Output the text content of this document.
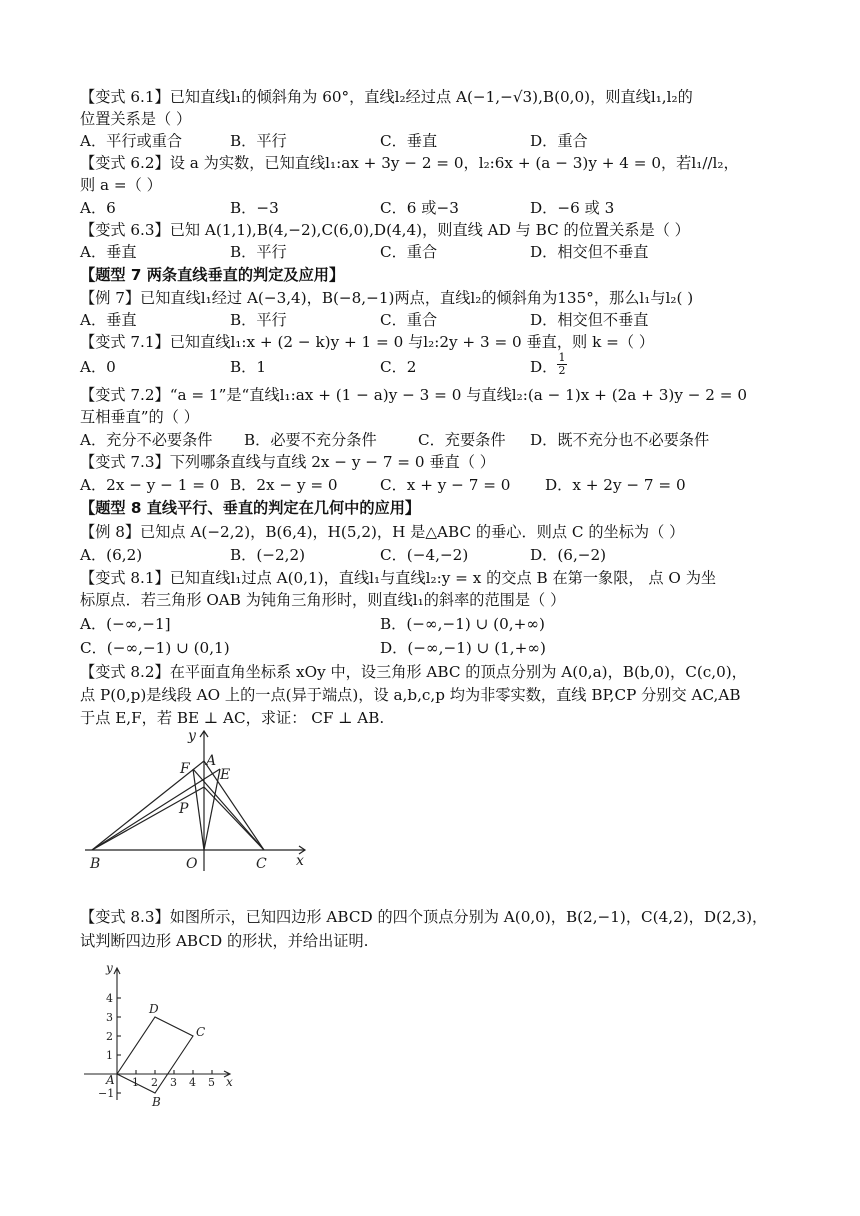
【变式 6.1】已知直线l₁的倾斜角为 60°，直线l₂经过点 A(−1,−√3),B(0,0)，则直线l₁,l₂的
位置关系是（ ）
A．平行或重合	B．平行	C．垂直	D．重合
【变式 6.2】设 a 为实数，已知直线l₁:ax + 3y − 2 = 0，l₂:6x + (a − 3)y + 4 = 0，若l₁//l₂，
则 a =（ ）
A．6	B．−3	C．6 或−3	D．−6 或 3
【变式 6.3】已知 A(1,1),B(4,−2),C(6,0),D(4,4)，则直线 AD 与 BC 的位置关系是（ ）
A．垂直	B．平行	C．重合	D．相交但不垂直
【题型 7 两条直线垂直的判定及应用】
【例 7】已知直线l₁经过 A(−3,4)，B(−8,−1)两点，直线l₂的倾斜角为135°，那么l₁与l₂( )
A．垂直	B．平行	C．重合	D．相交但不垂直
【变式 7.1】已知直线l₁:x + (2 − k)y + 1 = 0 与l₂:2y + 3 = 0 垂直，则 k =（ ）
A．0	B．1	C．2	D． $\frac{1}{2}$
【变式 7.2】“a = 1”是“直线l₁:ax + (1 − a)y − 3 = 0 与直线l₂:(a − 1)x + (2a + 3)y − 2 = 0
互相垂直”的（ ）
A．充分不必要条件 B．必要不充分条件	C．充要条件 D．既不充分也不必要条件
【变式 7.3】下列哪条直线与直线 2x − y − 7 = 0 垂直（ ）
A．2x − y − 1 = 0 B．2x − y = 0	C．x + y − 7 = 0 D．x + 2y − 7 = 0
【题型 8 直线平行、垂直的判定在几何中的应用】
【例 8】已知点 A(−2,2)，B(6,4)，H(5,2)，H 是△ABC 的垂心．则点 C 的坐标为（ ）
A．(6,2)	B．(−2,2)	C．(−4,−2)	D．(6,−2)
【变式 8.1】已知直线l₁过点 A(0,1)，直线l₁与直线l₂:y = x 的交点 B 在第一象限， 点 O 为坐
标原点．若三角形 OAB 为钝角三角形时，则直线l₁的斜率的范围是（ ）
A．(−∞,−1]	B．(−∞,−1) ∪ (0,+∞)
C．(−∞,−1) ∪ (0,1)	D．(−∞,−1) ∪ (1,+∞)
【变式 8.2】在平面直角坐标系 xOy 中，设三角形 ABC 的顶点分别为 A(0,a)，B(b,0)，C(c,0)，
点 P(0,p)是线段 AO 上的一点(异于端点)，设 a,b,c,p 均为非零实数，直线 BP,CP 分别交 AC,AB
于点 E,F，若 BE ⊥ AC，求证： CF ⊥ AB.
y
x
A
F E
P
B	O	C
【变式 8.3】如图所示，已知四边形 ABCD 的四个顶点分别为 A(0,0)，B(2,−1)，C(4,2)，D(2,3)，
试判断四边形 ABCD 的形状，并给出证明.
4
3
2
1
−1
1 2 3 4 5
y
x
A
B
C
D
